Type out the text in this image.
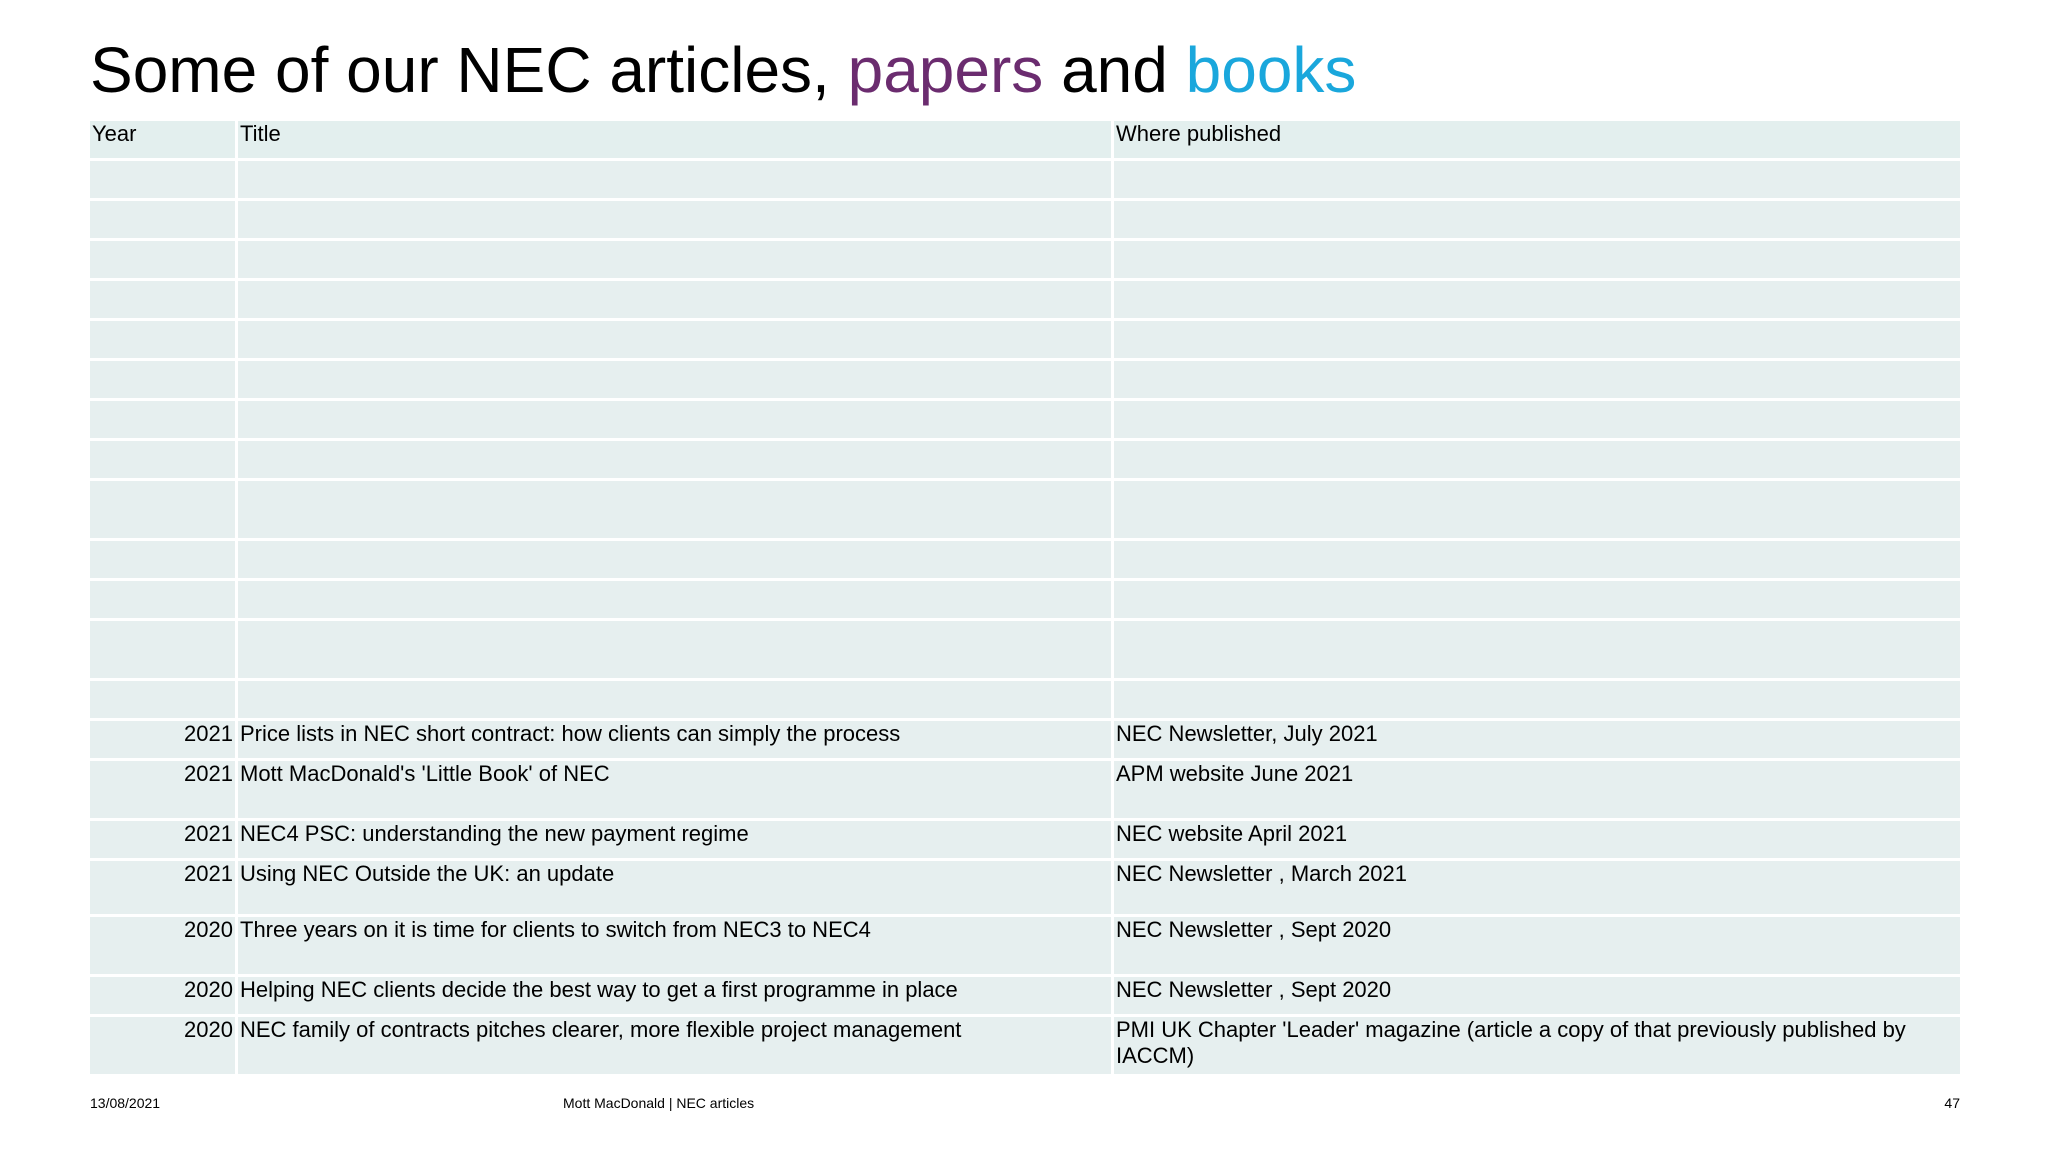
Some of our NEC articles, papers and books
Year	Title	Where published
2021 Price lists in NEC short contract: how clients can simply the process	NEC Newsletter, July 2021
2021 Mott MacDonald's 'Little Book' of NEC	APM website June 2021
2021 NEC4 PSC: understanding the new payment regime	NEC website April 2021
2021 Using NEC Outside the UK: an update	NEC Newsletter , March 2021
2020 Three years on it is time for clients to switch from NEC3 to NEC4	NEC Newsletter , Sept 2020
2020 Helping NEC clients decide the best way to get a first programme in place	NEC Newsletter , Sept 2020
2020 NEC family of contracts pitches clearer, more flexible project management	PMI UK Chapter 'Leader' magazine (article a copy of that previously published by IACCM)
13/08/2021	Mott MacDonald | NEC articles	47
